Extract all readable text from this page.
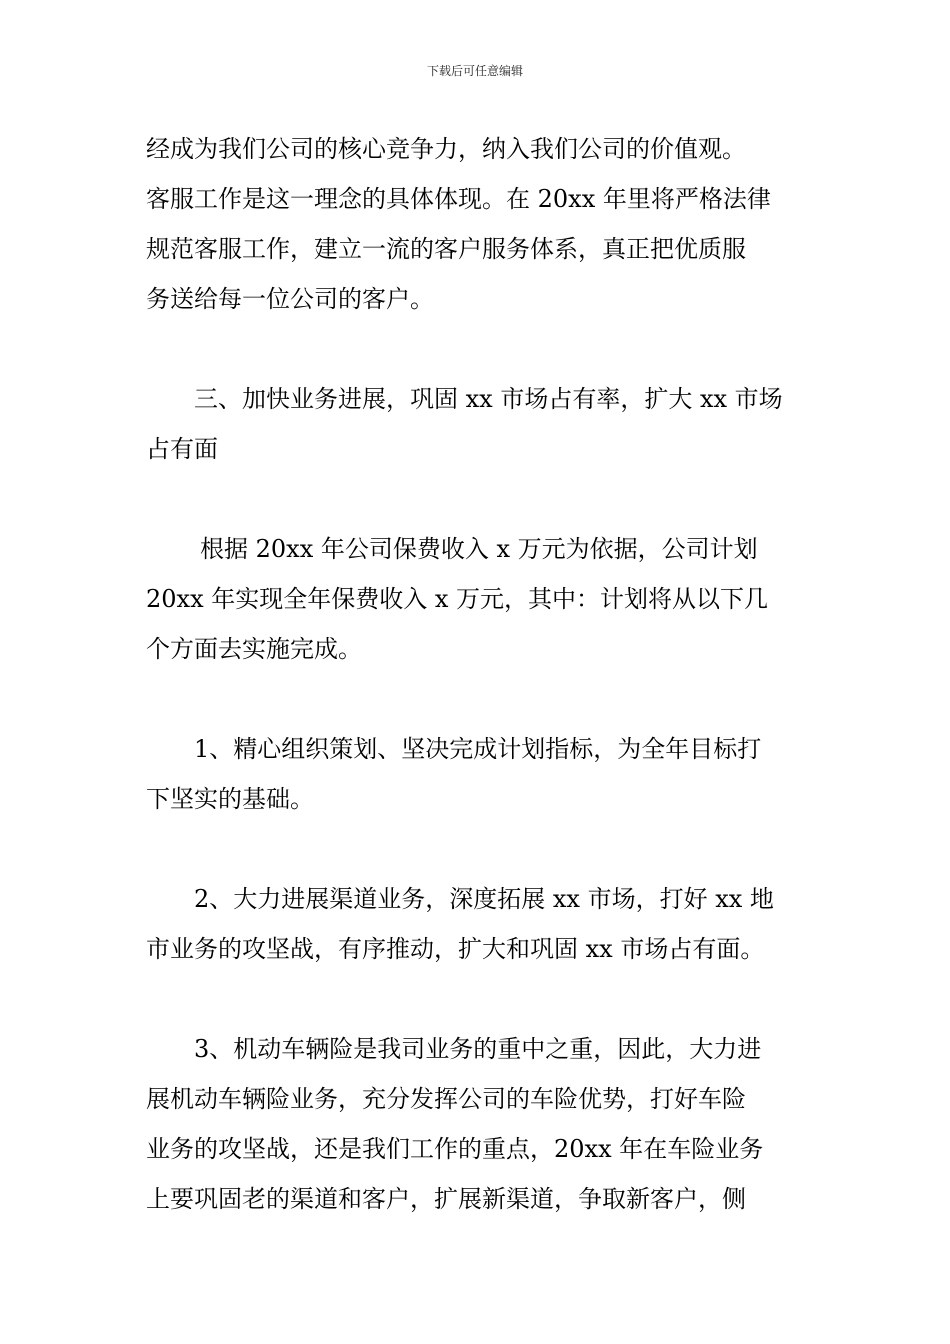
下载后可任意编辑
经成为我们公司的核心竞争力，纳入我们公司的价值观。
客服工作是这一理念的具体体现。在 20xx 年里将严格法律
规范客服工作，建立一流的客户服务体系，真正把优质服
务送给每一位公司的客户。
三、加快业务进展，巩固 xx 市场占有率，扩大 xx 市场
占有面
根据 20xx 年公司保费收入 x 万元为依据，公司计划
20xx 年实现全年保费收入 x 万元，其中：计划将从以下几
个方面去实施完成。
1、精心组织策划、坚决完成计划指标，为全年目标打
下坚实的基础。
2、大力进展渠道业务，深度拓展 xx 市场，打好 xx 地
市业务的攻坚战，有序推动，扩大和巩固 xx 市场占有面。
3、机动车辆险是我司业务的重中之重，因此，大力进
展机动车辆险业务，充分发挥公司的车险优势，打好车险
业务的攻坚战，还是我们工作的重点，20xx 年在车险业务
上要巩固老的渠道和客户，扩展新渠道，争取新客户，侧
